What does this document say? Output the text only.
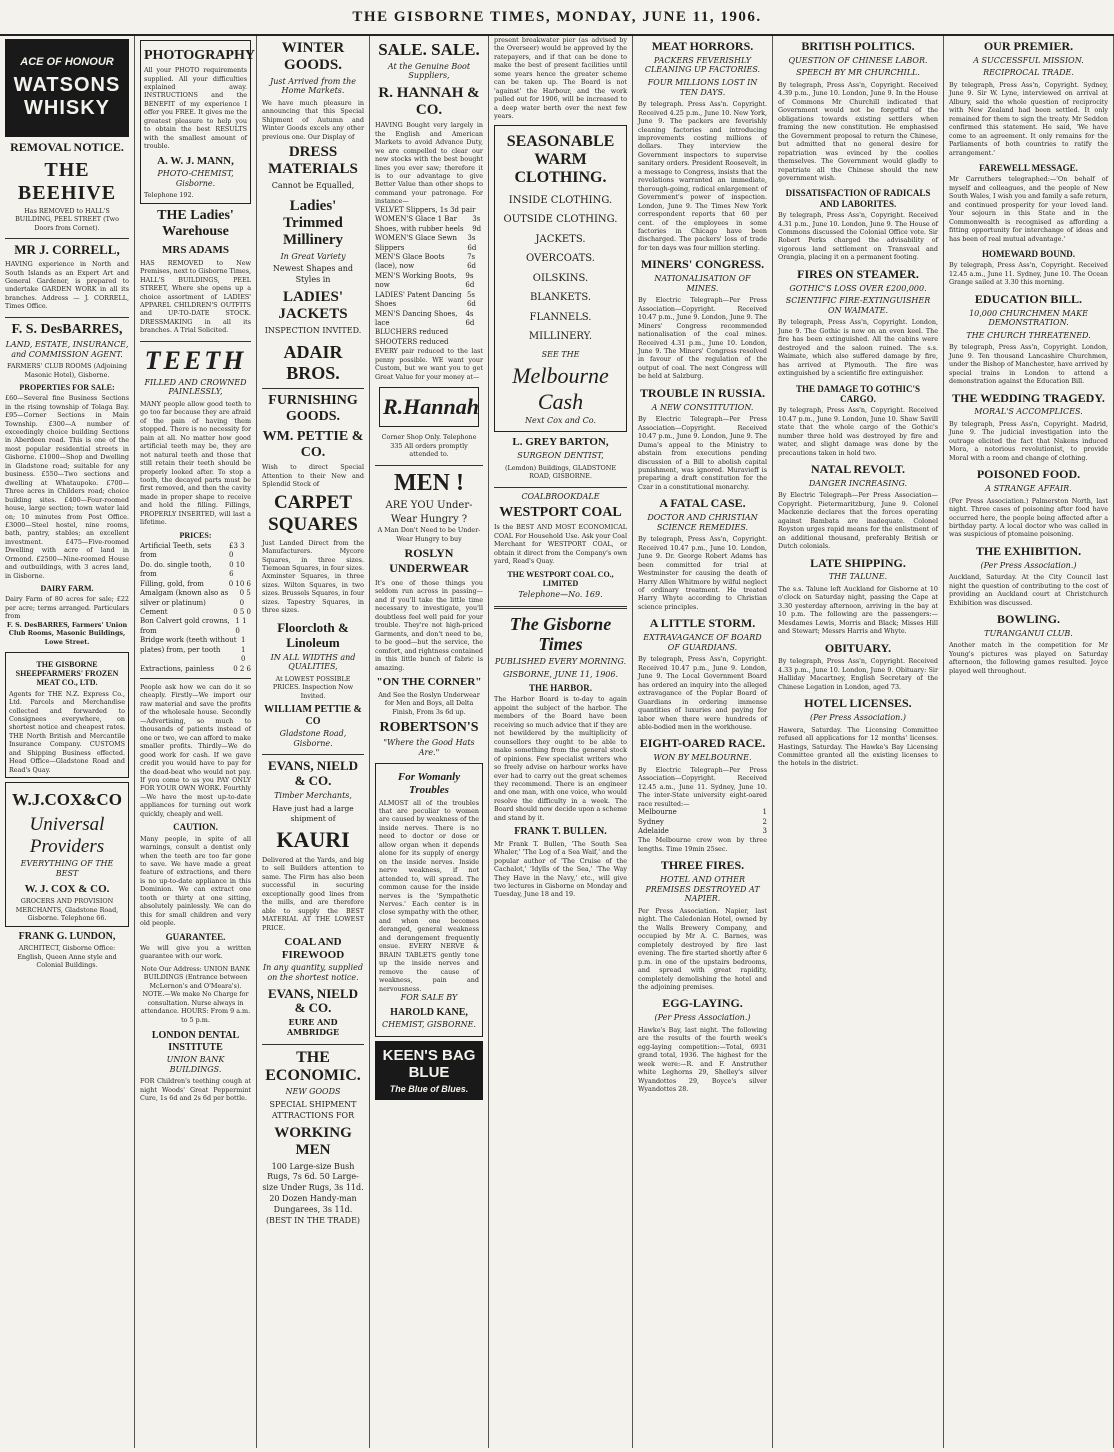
THE GISBORNE TIMES, MONDAY, JUNE 11, 1906.
ACE OF HONOUR
WATSONS WHISKY
REMOVAL NOTICE.
THE BEEHIVE
Has REMOVED to HALL'S BUILDING, PEEL STREET (Two Doors from Cornet).
MR J. CORRELL,
HAVING experience in North and South Islands as an Expert Art and General Gardener, is prepared to undertake GARDEN WORK in all its branches. Address — J. CORRELL, Times Office.
F. S. DesBARRES,
LAND, ESTATE, INSURANCE, and COMMISSION AGENT.
FARMERS' CLUB ROOMS (Adjoining Masonic Hotel), Gisborne.
PROPERTIES FOR SALE:
£60—Several fine Business Sections in the rising township of Tolaga Bay. £95—Corner Sections in Main Township. £300—A number of exceedingly choice building Sections in Aberdeen road. This is one of the most popular residential streets in Gisborne. £1000—Shop and Dwelling in Gladstone road; suitable for any business. £550—Two sections and dwelling at Whataupoko. £700—Three acres in Childers road; choice building sites. £400—Four-roomed house, large section; town water laid on; 10 minutes from Post Office. £3000—Steel hostel, nine rooms, bath, pantry, stables; an excellent investment. £475—Five-roomed Dwelling with acre of land in Ormond. £2500—Nine-roomed House and outbuildings, with 3 acres land, in Gisborne.
DAIRY FARM.
Dairy Farm of 80 acres for sale; £22 per acre; terms arranged. Particulars from
F. S. DesBARRES, Farmers' Union Club Rooms, Masonic Buildings, Lowe Street.
THE GISBORNE SHEEPFARMERS' FROZEN MEAT CO., LTD.
Agents for THE N.Z. Express Co., Ltd. Parcels and Merchandise collected and forwarded to Consignees everywhere, on shortest notice and cheapest rates. THE North British and Mercantile Insurance Company. CUSTOMS and Shipping Business effected. Head Office—Gladstone Road and Read's Quay.
W.J.COX&CO
Universal Providers
EVERYTHING OF THE BEST
W. J. COX & CO.
GROCERS AND PROVISION MERCHANTS, Gladstone Road, Gisborne. Telephone 66.
FRANK G. LUNDON,
ARCHITECT, Gisborne Office: English, Queen Anne style and Colonial Buildings.
PHOTOGRAPHY
All your PHOTO requirements supplied. All your difficulties explained away. INSTRUCTIONS and the BENEFIT of my experience I offer you FREE. It gives me the greatest pleasure to help you to obtain the best RESULTS with the smallest amount of trouble.
A. W. J. MANN,
PHOTO-CHEMIST, Gisborne.
Telephone 192.
THE Ladies' Warehouse
MRS ADAMS
HAS REMOVED to New Premises, next to Gisborne Times, HALL'S BUILDINGS, PEEL STREET, Where she opens up a choice assortment of LADIES' APPAREL CHILDREN'S OUTFITS and UP-TO-DATE STOCK. DRESSMAKING in all its branches. A Trial Solicited.
TEETH
FILLED AND CROWNED PAINLESSLY,
MANY people allow good teeth to go too far because they are afraid of the pain of having them stopped. There is no necessity for pain at all. No matter how good artificial teeth may be, they are not natural teeth and those that still retain their teeth should be properly looked after. To stop a tooth, the decayed parts must be first removed, and then the cavity made in proper shape to receive and hold the filling. Fillings, PROPERLY INSERTED, will last a lifetime.
PRICES:
Artificial Teeth, sets from
£3 3 0
Do. do. single tooth, from
0 10 6
Filling, gold, from	0 10 6
Amalgam (known also as silver or platinum)
0 5 0
Cement	0 5 0
Bon Calvert gold crowns, from
1 1 0
Bridge work (teeth without plates) from, per tooth
1 1 0
Extractions, painless	0 2 6
People ask how we can do it so cheaply. Firstly—We import our raw material and save the profits of the wholesale house. Secondly—Advertising, so much to thousands of patients instead of one or two, we can afford to make smaller profits. Thirdly—We do good work for cash. If we gave credit you would have to pay for the dead-beat who would not pay. If you come to us you PAY ONLY FOR YOUR OWN WORK. Fourthly—We have the most up-to-date appliances for turning out work quickly, cheaply and well.
CAUTION.
Many people, in spite of all warnings, consult a dentist only when the teeth are too far gone to save. We have made a great feature of extractions, and there is no up-to-date appliance in this Dominion. We can extract one tooth or thirty at one sitting, absolutely painlessly. We can do this for small children and very old people.
GUARANTEE.
We will give you a written guarantee with our work.
Note Our Address: UNION BANK BUILDINGS (Entrance between McLernon's and O'Meara's). NOTE.—We make No Charge for consultation. Nurse always in attendance. HOURS: From 9 a.m. to 5 p.m.
LONDON DENTAL INSTITUTE
UNION BANK BUILDINGS.
FOR Children's teething cough at night Woods' Great Peppermint Cure, 1s 6d and 2s 6d per bottle.
WINTER GOODS.
Just Arrived from the Home Markets.
We have much pleasure in announcing that this Special Shipment of Autumn and Winter Goods excels any other previous one. Our Display of
DRESS MATERIALS
Cannot be Equalled,
Ladies' Trimmed Millinery
In Great Variety
Newest Shapes and Styles in
LADIES' JACKETS
INSPECTION INVITED.
ADAIR BROS.
FURNISHING GOODS.
WM. PETTIE & CO.
Wish to direct Special Attention to their New and Splendid Stock of
CARPET SQUARES
Just Landed Direct from the Manufacturers. Mycore Squares, in three sizes. Tiemoan Squares, in four sizes. Axminster Squares, in three sizes. Wilton Squares, in two sizes. Brussels Squares, in four sizes. Tapestry Squares, in three sizes.
Floorcloth & Linoleum
IN ALL WIDTHS and QUALITIES,
At LOWEST POSSIBLE PRICES. Inspection Now Invited.
WILLIAM PETTIE & CO
Gladstone Road, Gisborne.
EVANS, NIELD & CO.
Timber Merchants,
Have just had a large shipment of
KAURI
Delivered at the Yards, and big to sell Builders attention to same. The Firm has also been successful in securing exceptionally good lines from the mills, and are therefore able to supply the BEST MATERIAL AT THE LOWEST PRICE.
COAL AND FIREWOOD
In any quantity, supplied on the shortest notice.
EVANS, NIELD & CO.
EURE AND AMBRIDGE
THE ECONOMIC.
NEW GOODS
SPECIAL SHIPMENT ATTRACTIONS FOR
WORKING MEN
100 Large-size Bush Rugs, 7s 6d. 50 Large-size Under Rugs, 3s 11d. 20 Dozen Handy-man Dungarees, 3s 11d. (BEST IN THE TRADE)
SALE. SALE.
At the Genuine Boot Suppliers,
R. HANNAH & CO.
HAVING Bought very largely in the English and American Markets to avoid Advance Duty, we are compelled to clear our new stocks with the best bought lines you ever saw; therefore it is to our advantage to give Better Value than other shops to command your patronage. For instance—
VELVET Slippers, 1s 3d pair
WOMEN'S Glace 1 Bar Shoes, with rubber heels
3s 9d
WOMEN'S Glace Sewn Slippers
3s 6d
MEN'S Glace Boots (lace), now
7s 6d
MEN'S Working Boots, now
9s 6d
LADIES' Patent Dancing Shoes
5s 6d
MEN'S Dancing Shoes, lace
4s 6d
BLUCHERS reduced
SHOOTERS reduced
EVERY pair reduced to the last penny possible. WE want your Custom, but we want you to get Great Value for your money at—
R.Hannah
Corner Shop Only. Telephone 335 All orders promptly attended to.
MEN !
ARE YOU Under-Wear Hungry ?
A Man Don't Need to be Under-Wear Hungry to buy
ROSLYN UNDERWEAR
It's one of those things you seldom run across in passing—and if you'll take the little time necessary to investigate, you'll doubtless feel well paid for your trouble. They're not high-priced Garments, and don't need to be, to be good—but the service, the comfort, and rightness contained in this little bunch of fabric is amazing.
"ON THE CORNER"
And See the Roslyn Underwear for Men and Boys, all Delta Finish, From 3s 6d up.
ROBERTSON'S
"Where the Good Hats Are."
For Womanly Troubles
ALMOST all of the troubles that are peculiar to women are caused by weakness of the inside nerves. There is no need to doctor or dose or allow organ when it depends alone for its supply of energy on the inside nerves. Inside nerve weakness, if not attended to, will spread. The common cause for the inside nerves is the 'Sympathetic Nerves.' Each center is in close sympathy with the other, and when one becomes deranged, general weakness and derangement frequently ensue. EVERY NERVE & BRAIN TABLETS gently tone up the inside nerves and remove the cause of weakness, pain and nervousness.
FOR SALE BY
HAROLD KANE,
CHEMIST, GISBORNE.
KEEN'S BAG BLUE
The Blue of Blues.
present breakwater pier (as advised by the Overseer) would be approved by the ratepayers, and if that can be done to make the best of present facilities until some years hence the greater scheme can be taken up. The Board is not 'against' the Harbour, and the work pulled out for 1906, will be increased to a deep water berth over the next few years.
SEASONABLE WARM CLOTHING.
INSIDE CLOTHING.
OUTSIDE CLOTHING.
JACKETS.
OVERCOATS.
OILSKINS.
BLANKETS.
FLANNELS.
MILLINERY.
SEE THE
Melbourne Cash
Next Cox and Co.
L. GREY BARTON,
SURGEON DENTIST,
(Lemdon) Buildings, GLADSTONE ROAD, GISBORNE.
COALBROOKDALE
WESTPORT COAL
Is the BEST AND MOST ECONOMICAL COAL For Household Use. Ask your Coal Merchant for WESTPORT COAL, or obtain it direct from the Company's own yard, Read's Quay.
THE WESTPORT COAL CO., LIMITED
Telephone—No. 169.
The Gisborne Times
PUBLISHED EVERY MORNING.
GISBORNE, JUNE 11, 1906.
THE HARBOR.
The Harbor Board is to-day to again appoint the subject of the harbor. The members of the Board have been receiving so much advice that if they are not bewildered by the multiplicity of counsellors they ought to be able to make something from the general stock of opinions. Few specialist writers who so freely advise on harbour works have ever had to carry out the great schemes they recommend. There is an engineer and one man, with one voice, who would resolve the difficulty in a week. The Board should now decide upon a scheme and stand by it.
FRANK T. BULLEN.
Mr Frank T. Bullen, 'The South Sea Whaler,' 'The Log of a Sea Waif,' and the popular author of 'The Cruise of the Cachalot,' 'Idylls of the Sea,' 'The Way They Have in the Navy,' etc., will give two lectures in Gisborne on Monday and Tuesday, June 18 and 19.
MEAT HORRORS.
PACKERS FEVERISHLY CLEANING UP FACTORIES.
FOUR MILLIONS LOST IN TEN DAYS.
By telegraph. Press Ass'n. Copyright. Received 4.25 p.m., June 10. New York, June 9. The packers are feverishly cleaning factories and introducing improvements costing millions of dollars. They interview the Government inspectors to supervise sanitary orders. President Roosevelt, in a message to Congress, insists that the revelations warranted an immediate, thorough-going, radical enlargement of Government's power of inspection. London, June 9. The Times New York correspondent reports that 60 per cent. of the employees in some factories in Chicago have been discharged. The packers' loss of trade for ten days was four million sterling.
MINERS' CONGRESS.
NATIONALISATION OF MINES.
By Electric Telegraph—Per Press Association—Copyright. Received 10.47 p.m., June 9. London, June 9. The Miners' Congress recommended nationalisation of the coal mines. Received 4.31 p.m., June 10. London, June 9. The Miners' Congress resolved in favour of the regulation of the output of coal. The next Congress will be held at Salzburg.
TROUBLE IN RUSSIA.
A NEW CONSTITUTION.
By Electric Telegraph—Per Press Association—Copyright. Received 10.47 p.m., June 9. London, June 9. The Duma's appeal to the Ministry to abstain from executions pending discussion of a Bill to abolish capital punishment, was ignored. Muravieff is preparing a draft constitution for the Czar in a constitutional monarchy.
A FATAL CASE.
DOCTOR AND CHRISTIAN SCIENCE REMEDIES.
By telegraph, Press Ass'n, Copyright. Received 10.47 p.m., June 10. London, June 9. Dr. George Robert Adams has been committed for trial at Westminster for causing the death of Harry Allen Whitmore by wilful neglect of ordinary treatment. He treated Harry Whyte according to Christian science principles.
A LITTLE STORM.
EXTRAVAGANCE OF BOARD OF GUARDIANS.
By telegraph, Press Ass'n, Copyright. Received 10.47 p.m., June 9. London, June 9. The Local Government Board has ordered an inquiry into the alleged extravagance of the Poplar Board of Guardians in ordering immense quantities of luxuries and paying for labor when there were hundreds of able-bodied men in the workhouse.
EIGHT-OARED RACE.
WON BY MELBOURNE.
By Electric Telegraph—Per Press Association—Copyright. Received 12.45 a.m., June 11. Sydney, June 10. The inter-State university eight-oared race resulted:—
Melbourne	1
Sydney	2
Adelaide	3
The Melbourne crew won by three lengths. Time 19min 25sec.
THREE FIRES.
HOTEL AND OTHER PREMISES DESTROYED AT NAPIER.
Per Press Association. Napier, last night. The Caledonian Hotel, owned by the Walls Brewery Company, and occupied by Mr A. C. Barnes, was completely destroyed by fire last evening. The fire started shortly after 6 p.m. in one of the upstairs bedrooms, and spread with great rapidity, completely demolishing the hotel and the adjoining premises.
EGG-LAYING.
(Per Press Association.)
Hawke's Bay, last night. The following are the results of the fourth week's egg-laying competition:—Total, 6931 grand total, 1936. The highest for the week were:—R. and F. Anstruther white Leghorns 29, Shelley's silver Wyandottes 29, Boyce's silver Wyandottes 28.
BRITISH POLITICS.
QUESTION OF CHINESE LABOR.
SPEECH BY MR CHURCHILL.
By telegraph, Press Ass'n, Copyright. Received 4.39 p.m., June 10. London, June 9. In the House of Commons Mr Churchill indicated that Government would not be forgetful of the obligations towards existing settlers when framing the new constitution. He emphasised the Government proposal to return the Chinese, but admitted that no general desire for repatriation was evinced by the coolies themselves. The Government would gladly to repatriate all the Chinese should the new government wish.
DISSATISFACTION OF RADICALS AND LABORITES.
By telegraph, Press Ass'n, Copyright. Received 4.31 p.m., June 10. London, June 9. The House of Commons discussed the Colonial Office vote. Sir Robert Perks charged the advisability of vigorous land settlement on Transvaal and Orangia, placing it on a permanent footing.
FIRES ON STEAMER.
GOTHIC'S LOSS OVER £200,000.
SCIENTIFIC FIRE-EXTINGUISHER ON WAIMATE.
By telegraph, Press Ass'n, Copyright. London, June 9. The Gothic is now on an even keel. The fire has been extinguished. All the cabins were destroyed and the saloon ruined. The s.s. Waimate, which also suffered damage by fire, has arrived at Plymouth. The fire was extinguished by a scientific fire extinguisher.
THE DAMAGE TO GOTHIC'S CARGO.
By telegraph, Press Ass'n, Copyright. Received 10.47 p.m., June 9. London, June 10. Shaw Savill state that the whole cargo of the Gothic's number three hold was destroyed by fire and water, and slight damage was done by the precautions taken in hold two.
NATAL REVOLT.
DANGER INCREASING.
By Electric Telegraph—Per Press Association—Copyright. Pietermaritzburg, June 9. Colonel Mackenzie declares that the forces operating against Bambata are inadequate. Colonel Royston urges rapid means for the enlistment of an additional thousand, preferably British or Dutch colonials.
LATE SHIPPING.
THE TALUNE.
The s.s. Talune left Auckland for Gisborne at 10 o'clock on Saturday night, passing the Cape at 3.30 yesterday afternoon, arriving in the bay at 10 p.m. The following are the passengers:—Mesdames Lewis, Morris and Black; Misses Hill and Stewart; Messrs Harris and Whyte.
OBITUARY.
By telegraph, Press Ass'n, Copyright. Received 4.33 p.m., June 10. London, June 9. Obituary: Sir Halliday Macartney, English Secretary of the Chinese Legation in London, aged 73.
HOTEL LICENSES.
(Per Press Association.)
Hawera, Saturday. The Licensing Committee refused all applications for 12 months' licenses. Hastings, Saturday. The Hawke's Bay Licensing Committee granted all the existing licenses to the hotels in the district.
OUR PREMIER.
A SUCCESSFUL MISSION.
RECIPROCAL TRADE.
By telegraph, Press Ass'n, Copyright. Sydney, June 9. Sir W. Lyne, interviewed on arrival at Albury, said the whole question of reciprocity with New Zealand had been settled. It only remained for them to sign the treaty. Mr Seddon confirmed this statement. He said, 'We have come to an agreement. It only remains for the Parliaments of both countries to ratify the arrangement.'
FAREWELL MESSAGE.
Mr Carruthers telegraphed:—'On behalf of myself and colleagues, and the people of New South Wales, I wish you and family a safe return, and continued prosperity for your loved land. Your sojourn in this State and in the Commonwealth is recognised as affording a fitting opportunity for interchange of ideas and has been of real mutual advantage.'
HOMEWARD BOUND.
By telegraph, Press Ass'n, Copyright. Received 12.45 a.m., June 11. Sydney, June 10. The Ocean Grange sailed at 3.30 this morning.
EDUCATION BILL.
10,000 CHURCHMEN MAKE DEMONSTRATION.
THE CHURCH THREATENED.
By telegraph, Press Ass'n, Copyright. London, June 9. Ten thousand Lancashire Churchmen, under the Bishop of Manchester, have arrived by special trains in London to attend a demonstration against the Education Bill.
THE WEDDING TRAGEDY.
MORAL'S ACCOMPLICES.
By telegraph, Press Ass'n, Copyright. Madrid, June 9. The judicial investigation into the outrage elicited the fact that Nakens induced Mora, a notorious revolutionist, to provide Moral with a room and change of clothing.
POISONED FOOD.
A STRANGE AFFAIR.
(Per Press Association.) Palmerston North, last night. Three cases of poisoning after food have occurred here, the people being affected after a birthday party. A local doctor who was called in was suspicious of ptomaine poisoning.
THE EXHIBITION.
(Per Press Association.)
Auckland, Saturday. At the City Council last night the question of contributing to the cost of providing an Auckland court at Christchurch Exhibition was discussed.
BOWLING.
TURANGANUI CLUB.
Another match in the competition for Mr Young's pictures was played on Saturday afternoon, the following games resulted. Joyce played well throughout.
